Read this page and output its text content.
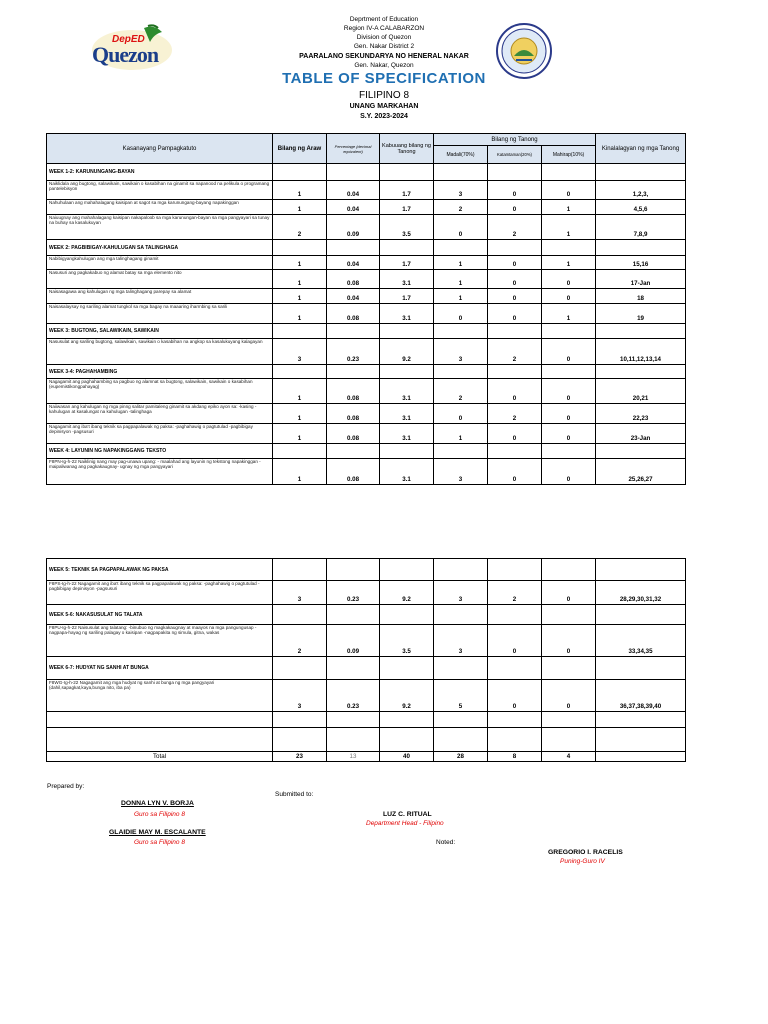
DepED
Quezon
Deprtment of Education
Region IV-A CALABARZON
Division of Quezon
Gen. Nakar District 2
PAARALANO SEKUNDARYA NO HENERAL NAKAR
Gen. Nakar, Quezon
TABLE OF SPECIFICATION
FILIPINO 8
UNANG MARKAHAN
S.Y. 2023-2024
Kasanayang Pampagkatuto	Bilang ng Araw	Percentage (decimal equivalent)	Kabuuang bilang ng Tanong	Bilang ng Tanong			Kinalalagyan ng mga Tanong
				Madali(70%)	Katamtaman(20%)	Mahirap(10%)	
WEEK 1-2: KARUNUNGANG-BAYAN							
Naiklidala ang bugtong, salawikain, sawikain o kasabihan na ginamit sa napanood na pelikula o programang pantelebisyon	1	0.04	1.7	3	0	0	1,2,3,
Nahuhulaan ang mahahalagang kaisipan at sagot sa mga karunungang-bayang napakinggan	1	0.04	1.7	2	0	1	4,5,6
Naiuugnay ang mahahalagang kaisipan nakapaloob sa mga karunungan-bayan sa mga pangyayari sa tunay na buhay sa kasalukuyan	2	0.09	3.5	0	2	1	7,8,9
WEEK 2: PAGBIBIGAY-KAHULUGAN SA TALINGHAGA							
Nabibigyangkahulugan ang mga talinghagang ginamit	1	0.04	1.7	1	0	1	15,16
Nasusuri ang pagkakabuo ng alamat batay sa mga elemento nito	1	0.08	3.1	1	0	0	17-Jan
Naisasagawa ang kahulugan ng mga talinghagang parepay sa alamat	1	0.04	1.7	1	0	0	18
Naisasalaysay ng sariling alamat tungkol sa mga bagay na maaaring iharmbing sa sarili	1	0.08	3.1	0	0	1	19
WEEK 3: BUGTONG, SALAWIKAIN, SAWIKAIN							
Nasusulat ang sariling bugtong, salawikain, sawikain o kasabihan na angkop sa kasalukuyang kalagayan	3	0.23	9.2	3	2	0	10,11,12,13,14
WEEK 3-4: PAGHAHAMBING							
Nagagamit ang paghahambing sa pagbuo ng alamnat sa bugtong, salawikain, sawikain o kasabihan (eupemistikongpahayag)	1	0.08	3.1	2	0	0	20,21
Naiiwasan ang kahulugan ng mga pinng salitar pamitaleng ginamit sa akdang epiko ayon sa: -kasing - kahulugan at kasalungat na kahulugan -talinghaga	1	0.08	3.1	0	2	0	22,23
Nagagamit ang iba't ibang teknik sa pagpapalawak ng paksa: -paghahawig o pagtutulad -pagbibigay depinisyon -pagsusuri	1	0.08	3.1	1	0	0	23-Jan
WEEK 4: LAYUNIN NG NAPAKINGGANG TEKSTO							
F8PN-Ig-h-22 Naiklinig nang may pag-unawa upang: - maalahad ang layunin ng tekstong napakinggan - maipaliwanag ang pagkakaugnay- ugnay ng mga pangyayari	1	0.08	3.1	3	0	0	25,26,27
WEEK 5: TEKNIK SA PAGPAPALAWAK NG PAKSA							
F8PS-Ig-h-22 Nagagamit ang iba't ibang teknik sa pagpapalawak ng paksa: -paghahawig o pagtutulad -pagbibigay depinisyon -pagsusuri	3	0.23	9.2	3	2	0	28,29,30,31,32
WEEK 5-6: NAKASUSULAT NG TALATA							
F8PU-Ig-h-22 Naisusulat ang talatang: -binubuo ng magkakaugnay at maayos na mga pangungusap - nagpapa-hayag ng sariling palagay o kaisipan -nagpapakita ng simula, gitna, wakas	2	0.09	3.5	3	0	0	33,34,35
WEEK 6-7: HUDYAT NG SANHI AT BUNGA							
F8WG-Ig-h-22 Nagagamit ang mga hudyat ng sanhi at bunga ng mga pangyayari (dahil,sapagkat,kaya,bunga nito, iba pa)	3	0.23	9.2	5	0	0	36,37,38,39,40

Total	23	13	40	28	8	4	
Prepared by:
DONNA LYN V. BORJA
Guro sa Filipino 8
GLAIDIE MAY M. ESCALANTE
Guro sa Filipino 8
Submitted to:
LUZ C. RITUAL
Department Head - Filipino
Noted:
GREGORIO I. RACELIS
Puning-Guro IV
